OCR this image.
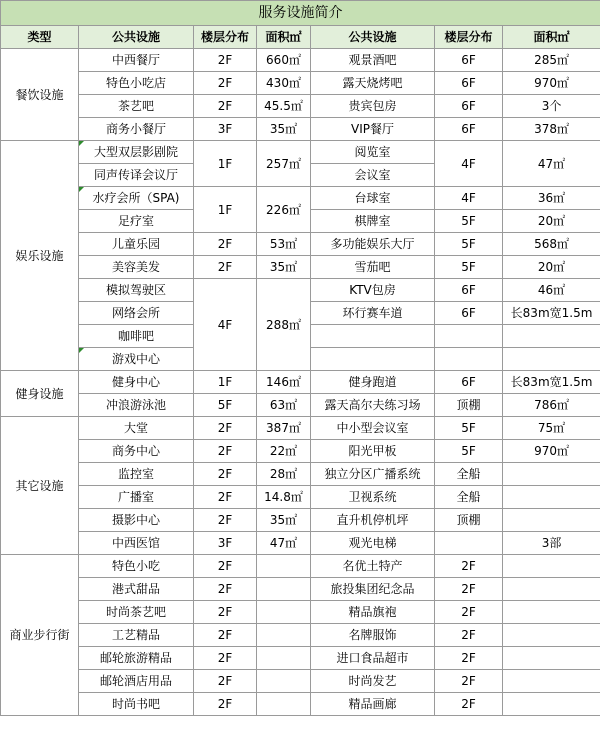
服务设施简介						
类型	公共设施	楼层分布	面积㎡	公共设施	楼层分布	面积㎡
餐饮设施	中西餐厅	2F	660㎡	观景酒吧	6F	285㎡
	特色小吃店	2F	430㎡	露天烧烤吧	6F	970㎡
	茶艺吧	2F	45.5㎡	贵宾包房	6F	3个
	商务小餐厅	3F	35㎡	VIP餐厅	6F	378㎡
娱乐设施	大型双层影剧院	1F	257㎡	阅览室	4F	47㎡
	同声传译会议厅			会议室		
	水疗会所（SPA)	1F	226㎡	台球室	4F	36㎡
	足疗室			棋牌室	5F	20㎡
	儿童乐园	2F	53㎡	多功能娱乐大厅	5F	568㎡
	美容美发	2F	35㎡	雪茄吧	5F	20㎡
	模拟驾驶区	4F	288㎡	KTV包房	6F	46㎡
	网络会所			环行赛车道	6F	长83m宽1.5m
	咖啡吧					
	游戏中心					
健身设施	健身中心	1F	146㎡	健身跑道	6F	长83m宽1.5m
	冲浪游泳池	5F	63㎡	露天高尔夫练习场	顶棚	786㎡
其它设施	大堂	2F	387㎡	中小型会议室	5F	75㎡
	商务中心	2F	22㎡	阳光甲板	5F	970㎡
	监控室	2F	28㎡	独立分区广播系统	全船	
	广播室	2F	14.8㎡	卫视系统	全船	
	摄影中心	2F	35㎡	直升机停机坪	顶棚	
	中西医馆	3F	47㎡	观光电梯		3部
商业步行街	特色小吃	2F		名优土特产	2F	
	港式甜品	2F		旅投集团纪念品	2F	
	时尚茶艺吧	2F		精品旗袍	2F	
	工艺精品	2F		名牌服饰	2F	
	邮轮旅游精品	2F		进口食品超市	2F	
	邮轮酒店用品	2F		时尚发艺	2F	
	时尚书吧	2F		精品画廊	2F	
